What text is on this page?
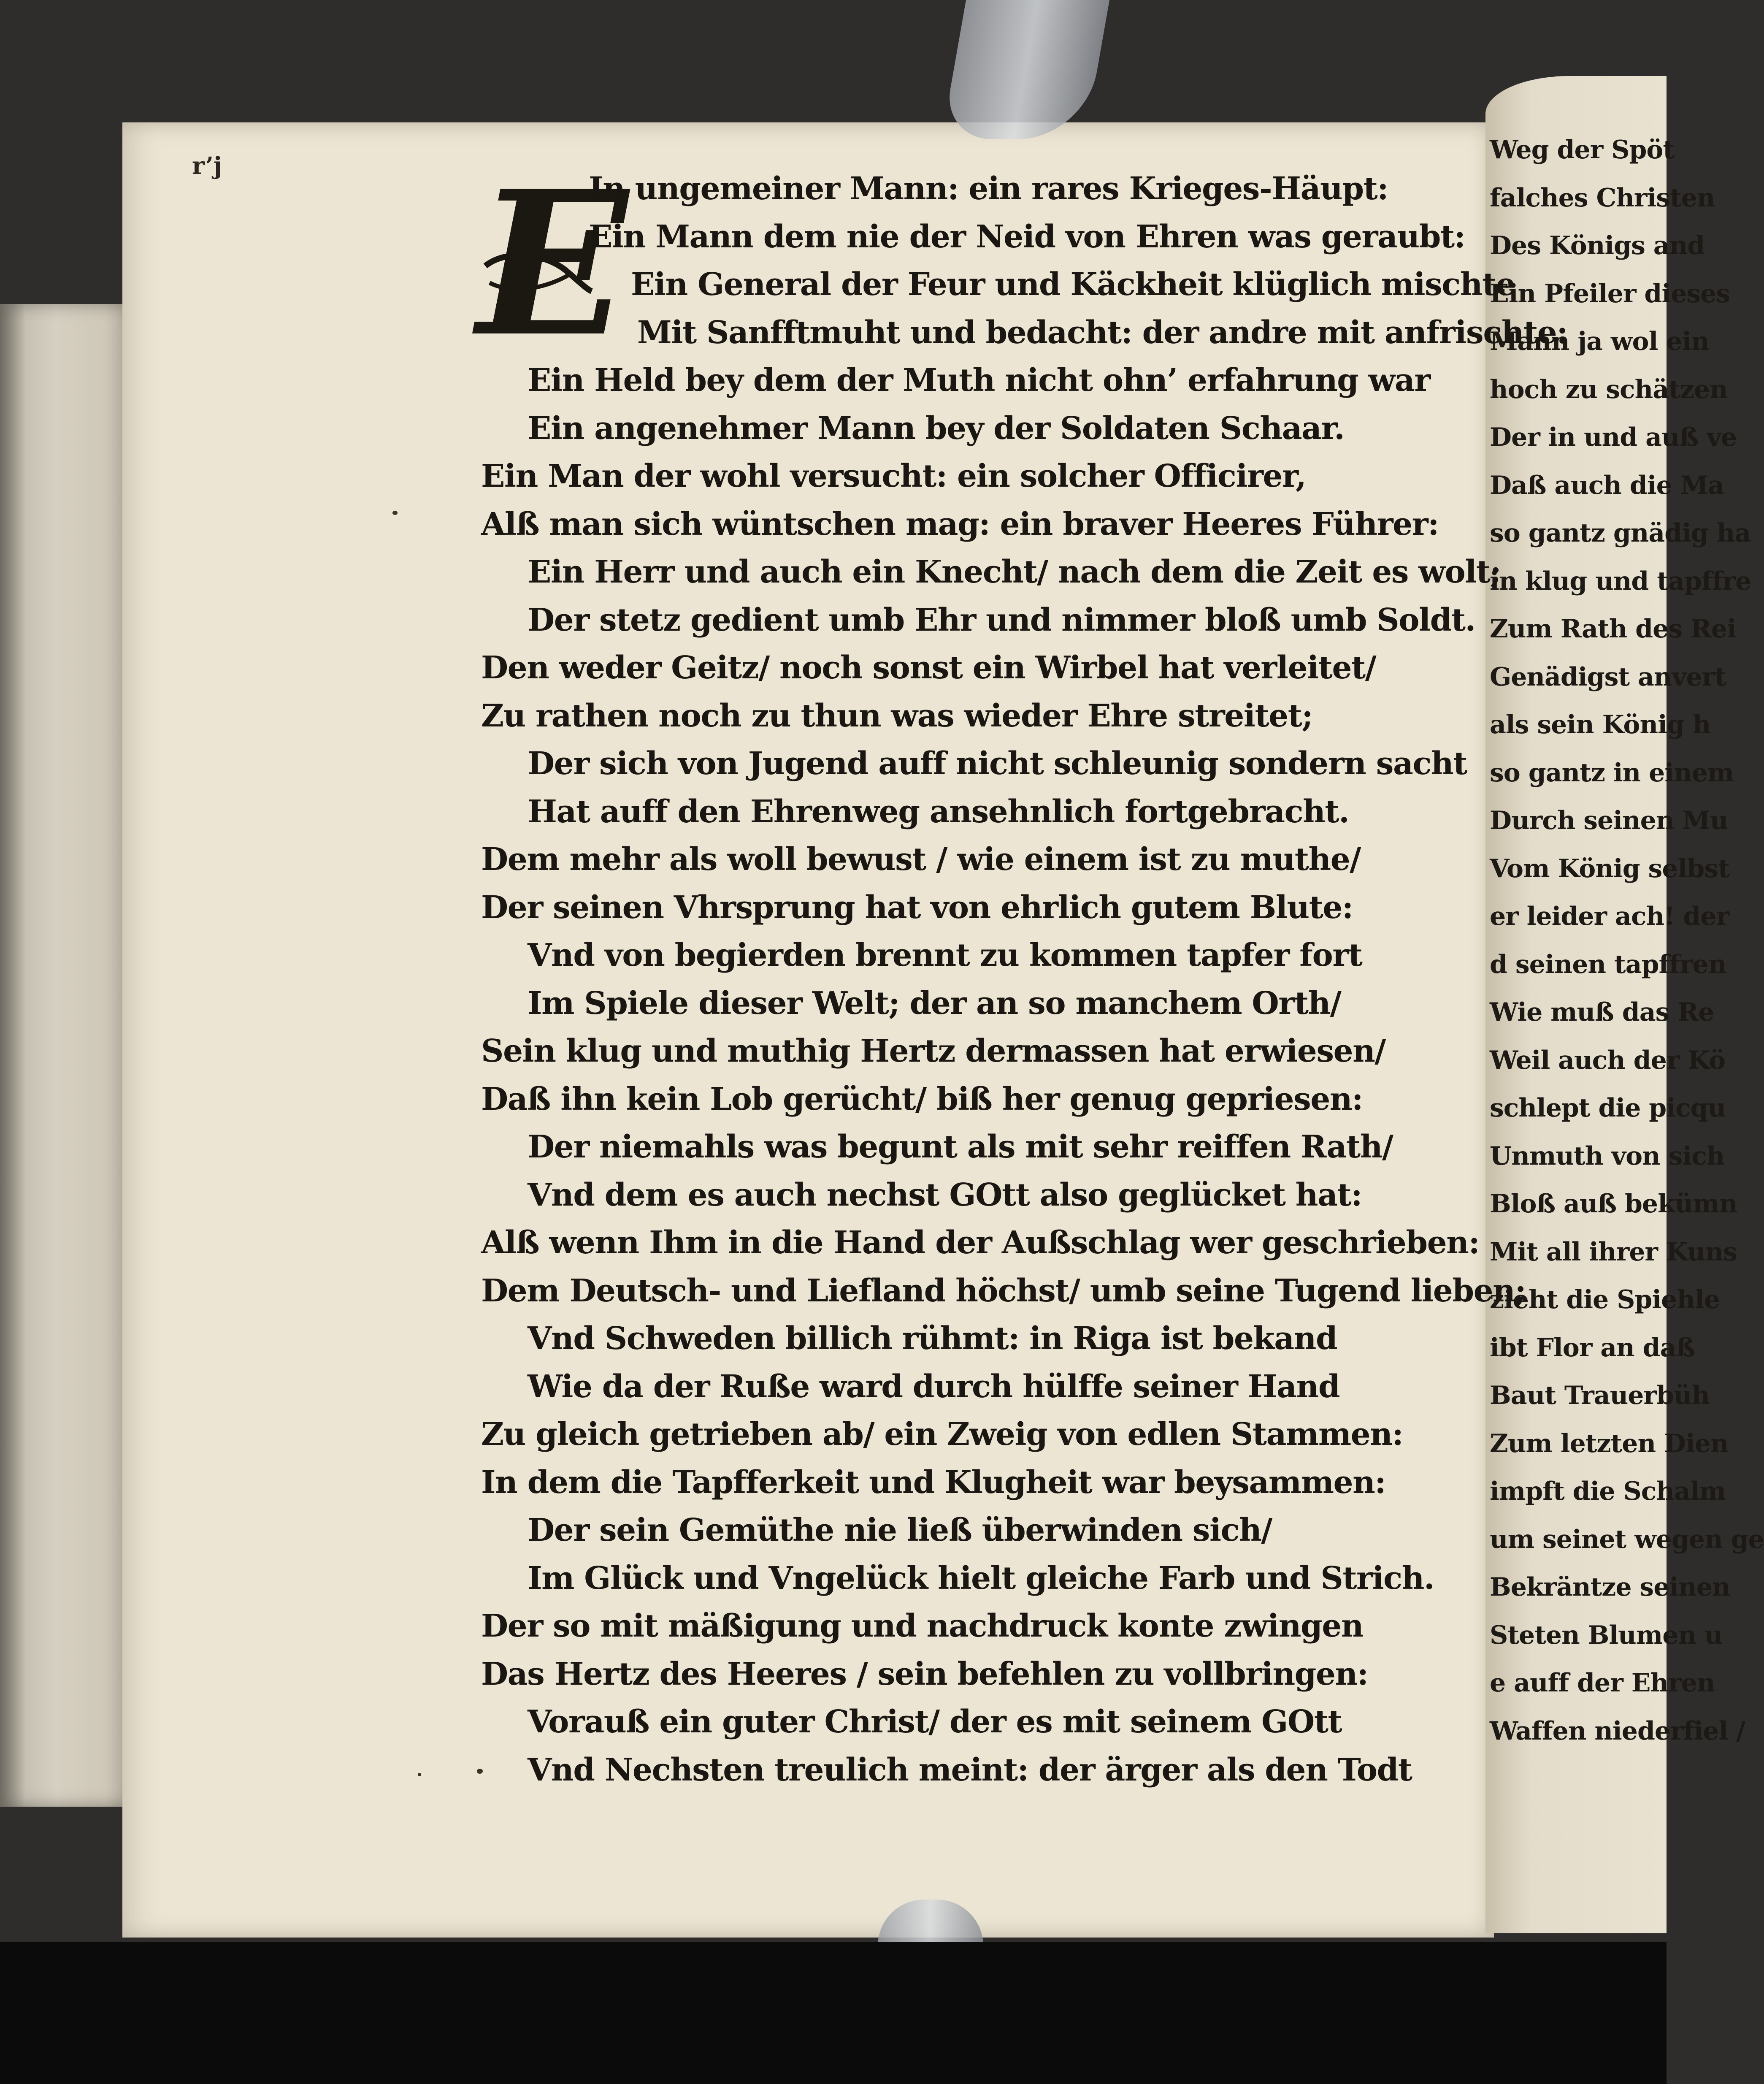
Weg der Spöt
falches Christen
Des Königs and
Ein Pfeiler dieses
Mann ja wol ein
hoch zu schätzen
Der in und auß ve
Daß auch die Ma
so gantz gnädig ha
in klug und tapffre
Zum Rath des Rei
Genädigst anvert
als sein König h
so gantz in einem
Durch seinen Mu
Vom König selbst
er leider ach! der
d seinen tapffren
Wie muß das Re
Weil auch der Kö
schlept die picqu
Unmuth von sich
Bloß auß bekümn
Mit all ihrer Kuns
zieht die Spiehle
ibt Flor an daß
Baut Trauerbüh
Zum letzten Dien
impft die Schalm
um seinet wegen ge
Bekräntze seinen
Steten Blumen u
e auff der Ehren
Waffen niederfiel /
r’j E
In ungemeiner Mann: ein rares Krieges-Häupt:
Ein Mann dem nie der Neid von Ehren was geraubt:
Ein General der Feur und Käckheit klüglich mischte
Mit Sanfftmuht und bedacht: der andre mit anfrischte:
Ein Held bey dem der Muth nicht ohn’ erfahrung war
Ein angenehmer Mann bey der Soldaten Schaar.
Ein Man der wohl versucht: ein solcher Officirer,
Alß man sich wüntschen mag: ein braver Heeres Führer:
Ein Herr und auch ein Knecht/ nach dem die Zeit es wolt;
Der stetz gedient umb Ehr und nimmer bloß umb Soldt.
Den weder Geitz/ noch sonst ein Wirbel hat verleitet/
Zu rathen noch zu thun was wieder Ehre streitet;
Der sich von Jugend auff nicht schleunig sondern sacht
Hat auff den Ehrenweg ansehnlich fortgebracht.
Dem mehr als woll bewust / wie einem ist zu muthe/
Der seinen Vhrsprung hat von ehrlich gutem Blute:
Vnd von begierden brennt zu kommen tapfer fort
Im Spiele dieser Welt; der an so manchem Orth/
Sein klug und muthig Hertz dermassen hat erwiesen/
Daß ihn kein Lob gerücht/ biß her genug gepriesen:
Der niemahls was begunt als mit sehr reiffen Rath/
Vnd dem es auch nechst GOtt also geglücket hat:
Alß wenn Ihm in die Hand der Außschlag wer geschrieben:
Dem Deutsch- und Liefland höchst/ umb seine Tugend lieben;
Vnd Schweden billich rühmt: in Riga ist bekand
Wie da der Ruße ward durch hülffe seiner Hand
Zu gleich getrieben ab/ ein Zweig von edlen Stammen:
In dem die Tapfferkeit und Klugheit war beysammen:
Der sein Gemüthe nie ließ überwinden sich/
Im Glück und Vngelück hielt gleiche Farb und Strich.
Der so mit mäßigung und nachdruck konte zwingen
Das Hertz des Heeres / sein befehlen zu vollbringen:
Vorauß ein guter Christ/ der es mit seinem GOtt
Vnd Nechsten treulich meint: der ärger als den Todt
